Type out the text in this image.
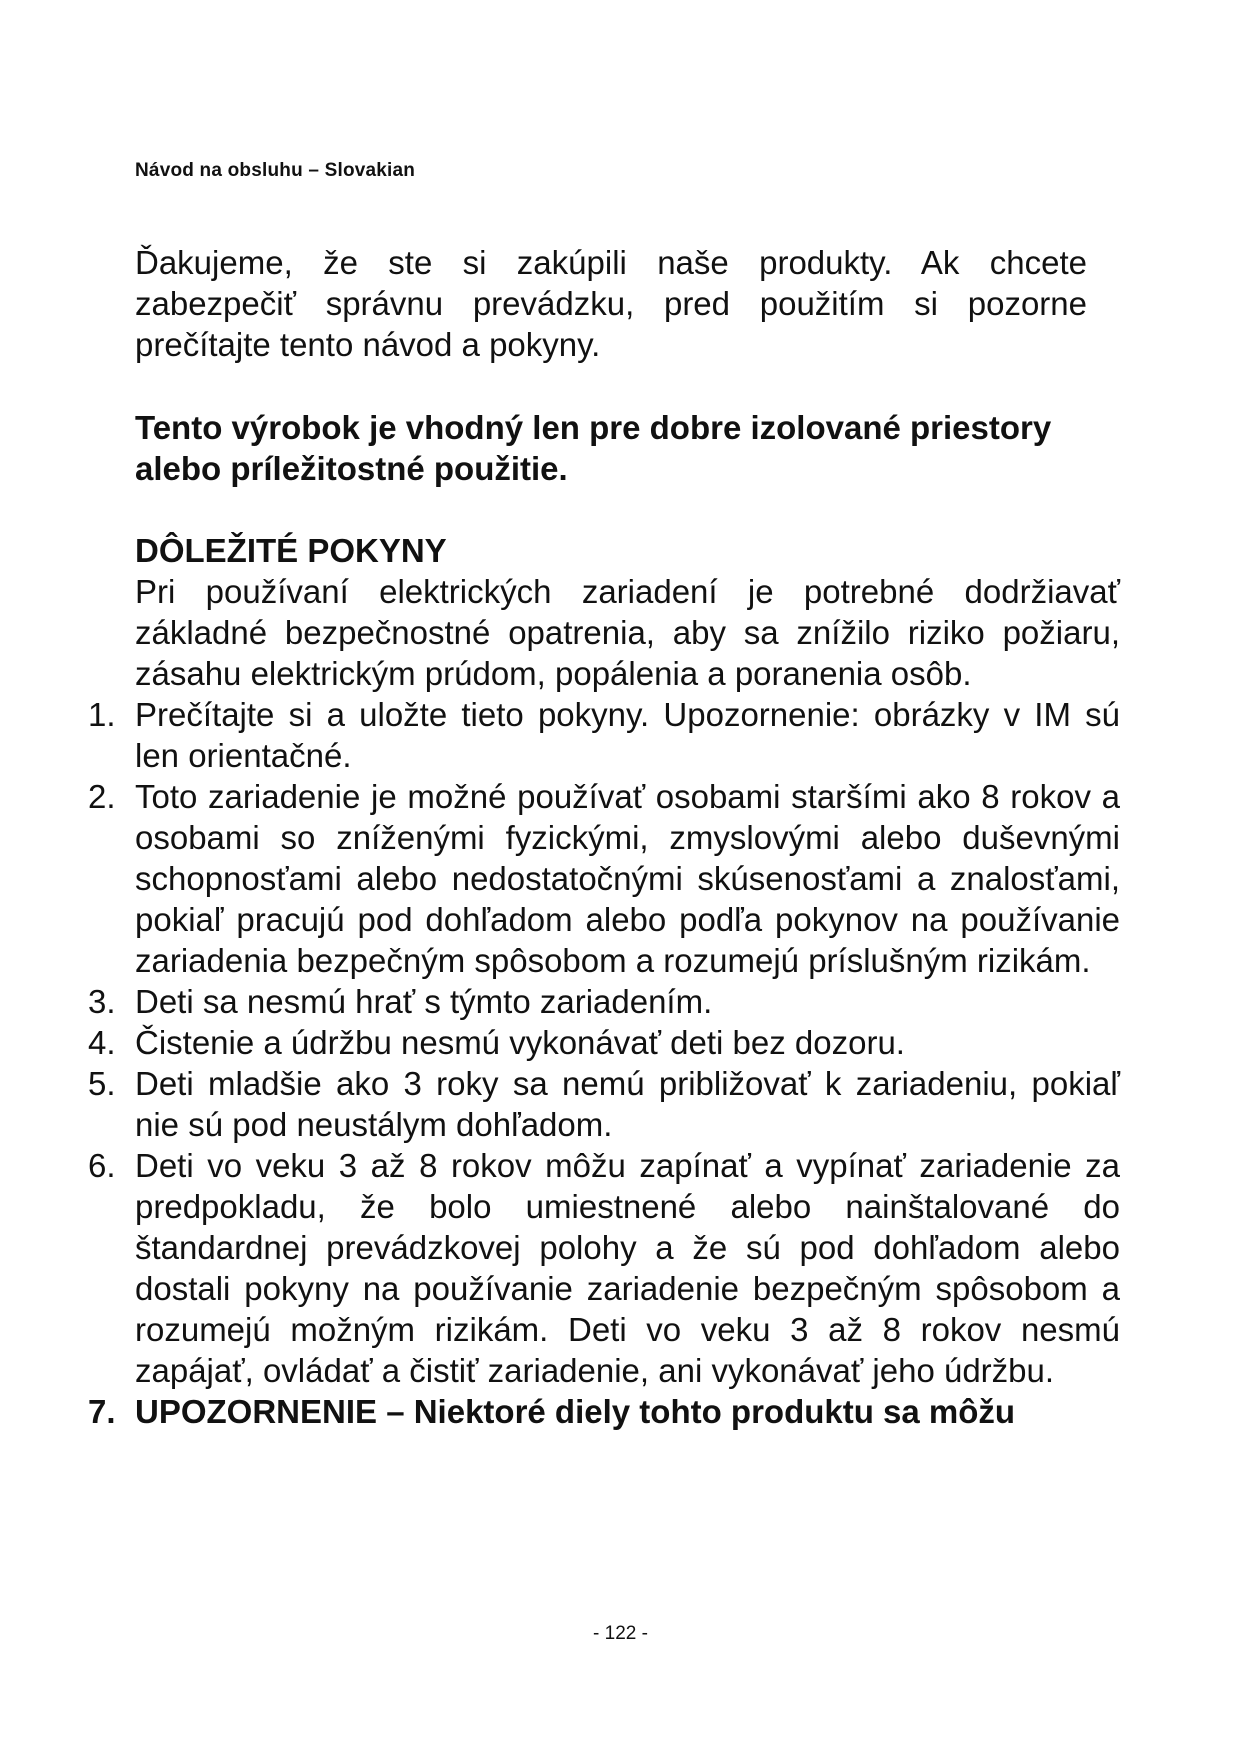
Návod na obsluhu – Slovakian

Ďakujeme, že ste si zakúpili naše produkty. Ak chcete zabezpečiť správnu prevádzku, pred použitím si pozorne prečítajte tento návod a pokyny.

Tento výrobok je vhodný len pre dobre izolované priestory alebo príležitostné použitie.

DÔLEŽITÉ POKYNY

Pri používaní elektrických zariadení je potrebné dodržiavať základné bezpečnostné opatrenia, aby sa znížilo riziko požiaru, zásahu elektrickým prúdom, popálenia a poranenia osôb.

1. Prečítajte si a uložte tieto pokyny. Upozornenie: obrázky v IM sú len orientačné.
2. Toto zariadenie je možné používať osobami staršími ako 8 rokov a osobami so zníženými fyzickými, zmyslovými alebo duševnými schopnosťami alebo nedostatočnými skúsenosťami a znalosťami, pokiaľ pracujú pod dohľadom alebo podľa pokynov na používanie zariadenia bezpečným spôsobom a rozumejú príslušným rizikám.
3. Deti sa nesmú hrať s týmto zariadením.
4. Čistenie a údržbu nesmú vykonávať deti bez dozoru.
5. Deti mladšie ako 3 roky sa nemú približovať k zariadeniu, pokiaľ nie sú pod neustálym dohľadom.
6. Deti vo veku 3 až 8 rokov môžu zapínať a vypínať zariadenie za predpokladu, že bolo umiestnené alebo nainštalované do štandardnej prevádzkovej polohy a že sú pod dohľadom alebo dostali pokyny na používanie zariadenie bezpečným spôsobom a rozumejú možným rizikám. Deti vo veku 3 až 8 rokov nesmú zapájať, ovládať a čistiť zariadenie, ani vykonávať jeho údržbu.
7. UPOZORNENIE – Niektoré diely tohto produktu sa môžu
- 122 -
